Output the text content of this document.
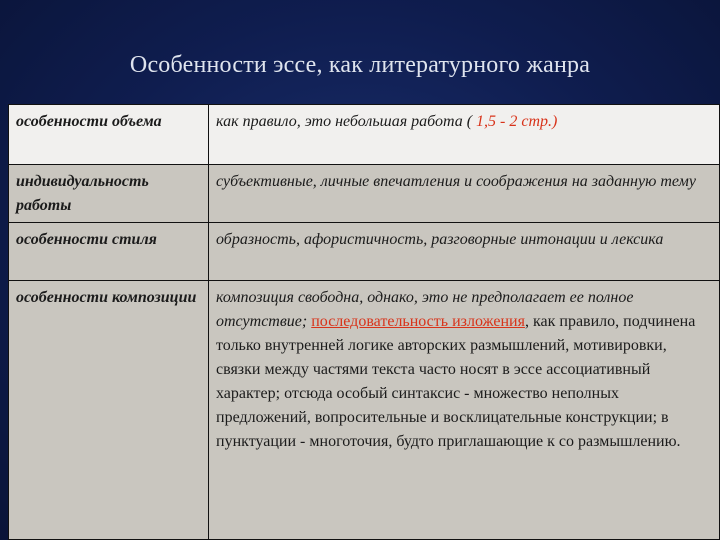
Особенности эссе, как литературного жанра
особенности объема	как правило, это небольшая работа ( 1,5 - 2 стр.)
индивидуальность работы	субъективные, личные впечатления и соображения на заданную тему
особенности стиля	образность, афористичность, разговорные интонации и лексика
особенности композиции	композиция свободна, однако, это не предполагает ее полное отсутствие; последовательность изложения, как правило, подчинена только внутренней логике авторских размышлений, мотивировки, связки между частями текста часто носят в эссе ассоциативный характер; отсюда особый синтаксис - множество неполных предложений, вопросительные и восклицательные конструкции; в пунктуации - многоточия, будто приглашающие к со размышлению.
